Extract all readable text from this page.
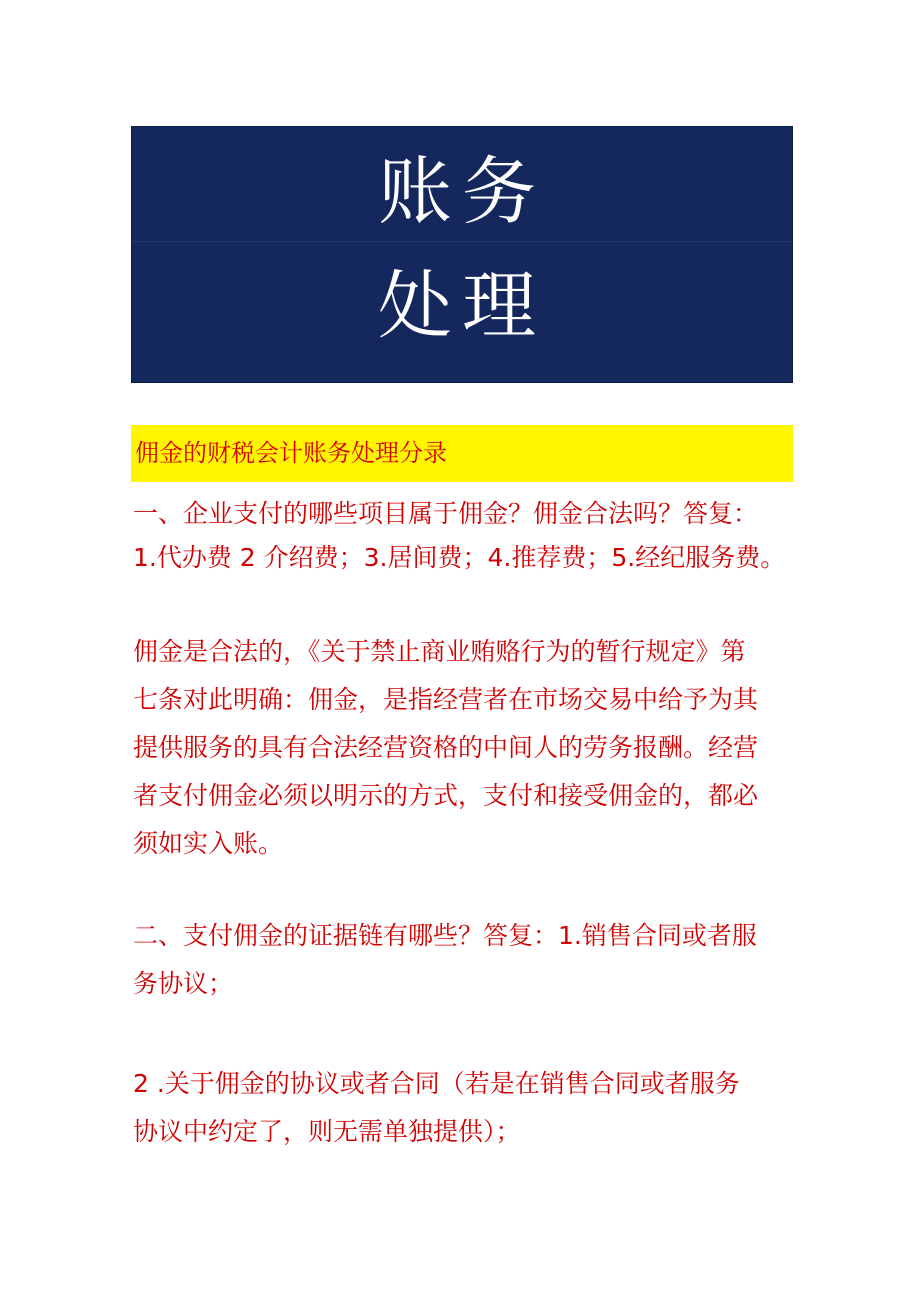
账务
处理
佣金的财税会计账务处理分录

一、企业支付的哪些项目属于佣金？佣金合法吗？答复：
1.代办费 2 介绍费；3.居间费；4.推荐费；5.经纪服务费。

佣金是合法的，《关于禁止商业贿赂行为的暂行规定》第
七条对此明确：佣金，是指经营者在市场交易中给予为其
提供服务的具有合法经营资格的中间人的劳务报酬。经营
者支付佣金必须以明示的方式，支付和接受佣金的，都必
须如实入账。

二、支付佣金的证据链有哪些？答复：1.销售合同或者服
务协议；

2 .关于佣金的协议或者合同（若是在销售合同或者服务
协议中约定了，则无需单独提供）；
